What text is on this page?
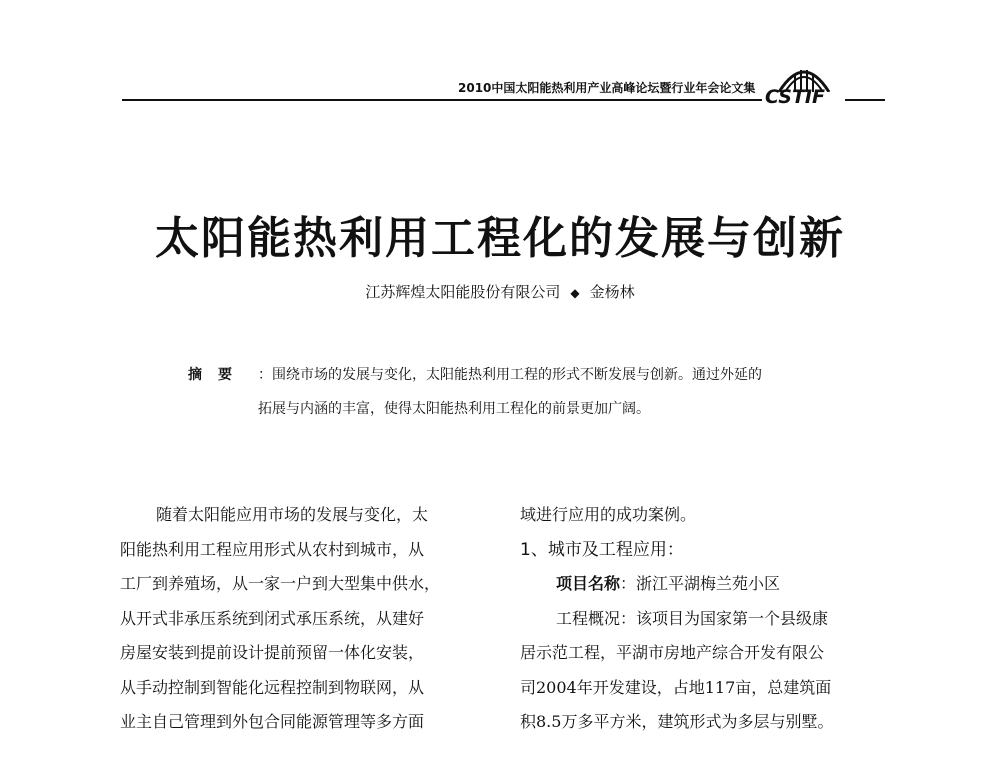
2010中国太阳能热利用产业高峰论坛暨行业年会论文集 CSTIF
太阳能热利用工程化的发展与创新
江苏辉煌太阳能股份有限公司 ◆ 金杨林
摘要 ：围绕市场的发展与变化，太阳能热利用工程的形式不断发展与创新。通过外延的
拓展与内涵的丰富，使得太阳能热利用工程化的前景更加广阔。
随着太阳能应用市场的发展与变化，太
阳能热利用工程应用形式从农村到城市，从
工厂到养殖场，从一家一户到大型集中供水，
从开式非承压系统到闭式承压系统，从建好
房屋安装到提前设计提前预留一体化安装，
从手动控制到智能化远程控制到物联网，从
业主自己管理到外包合同能源管理等多方面
域进行应用的成功案例。
1、城市及工程应用：
项目名称：浙江平湖梅兰苑小区
工程概况：该项目为国家第一个县级康
居示范工程，平湖市房地产综合开发有限公
司2004年开发建设，占地117亩，总建筑面
积8.5万多平方米，建筑形式为多层与别墅。
